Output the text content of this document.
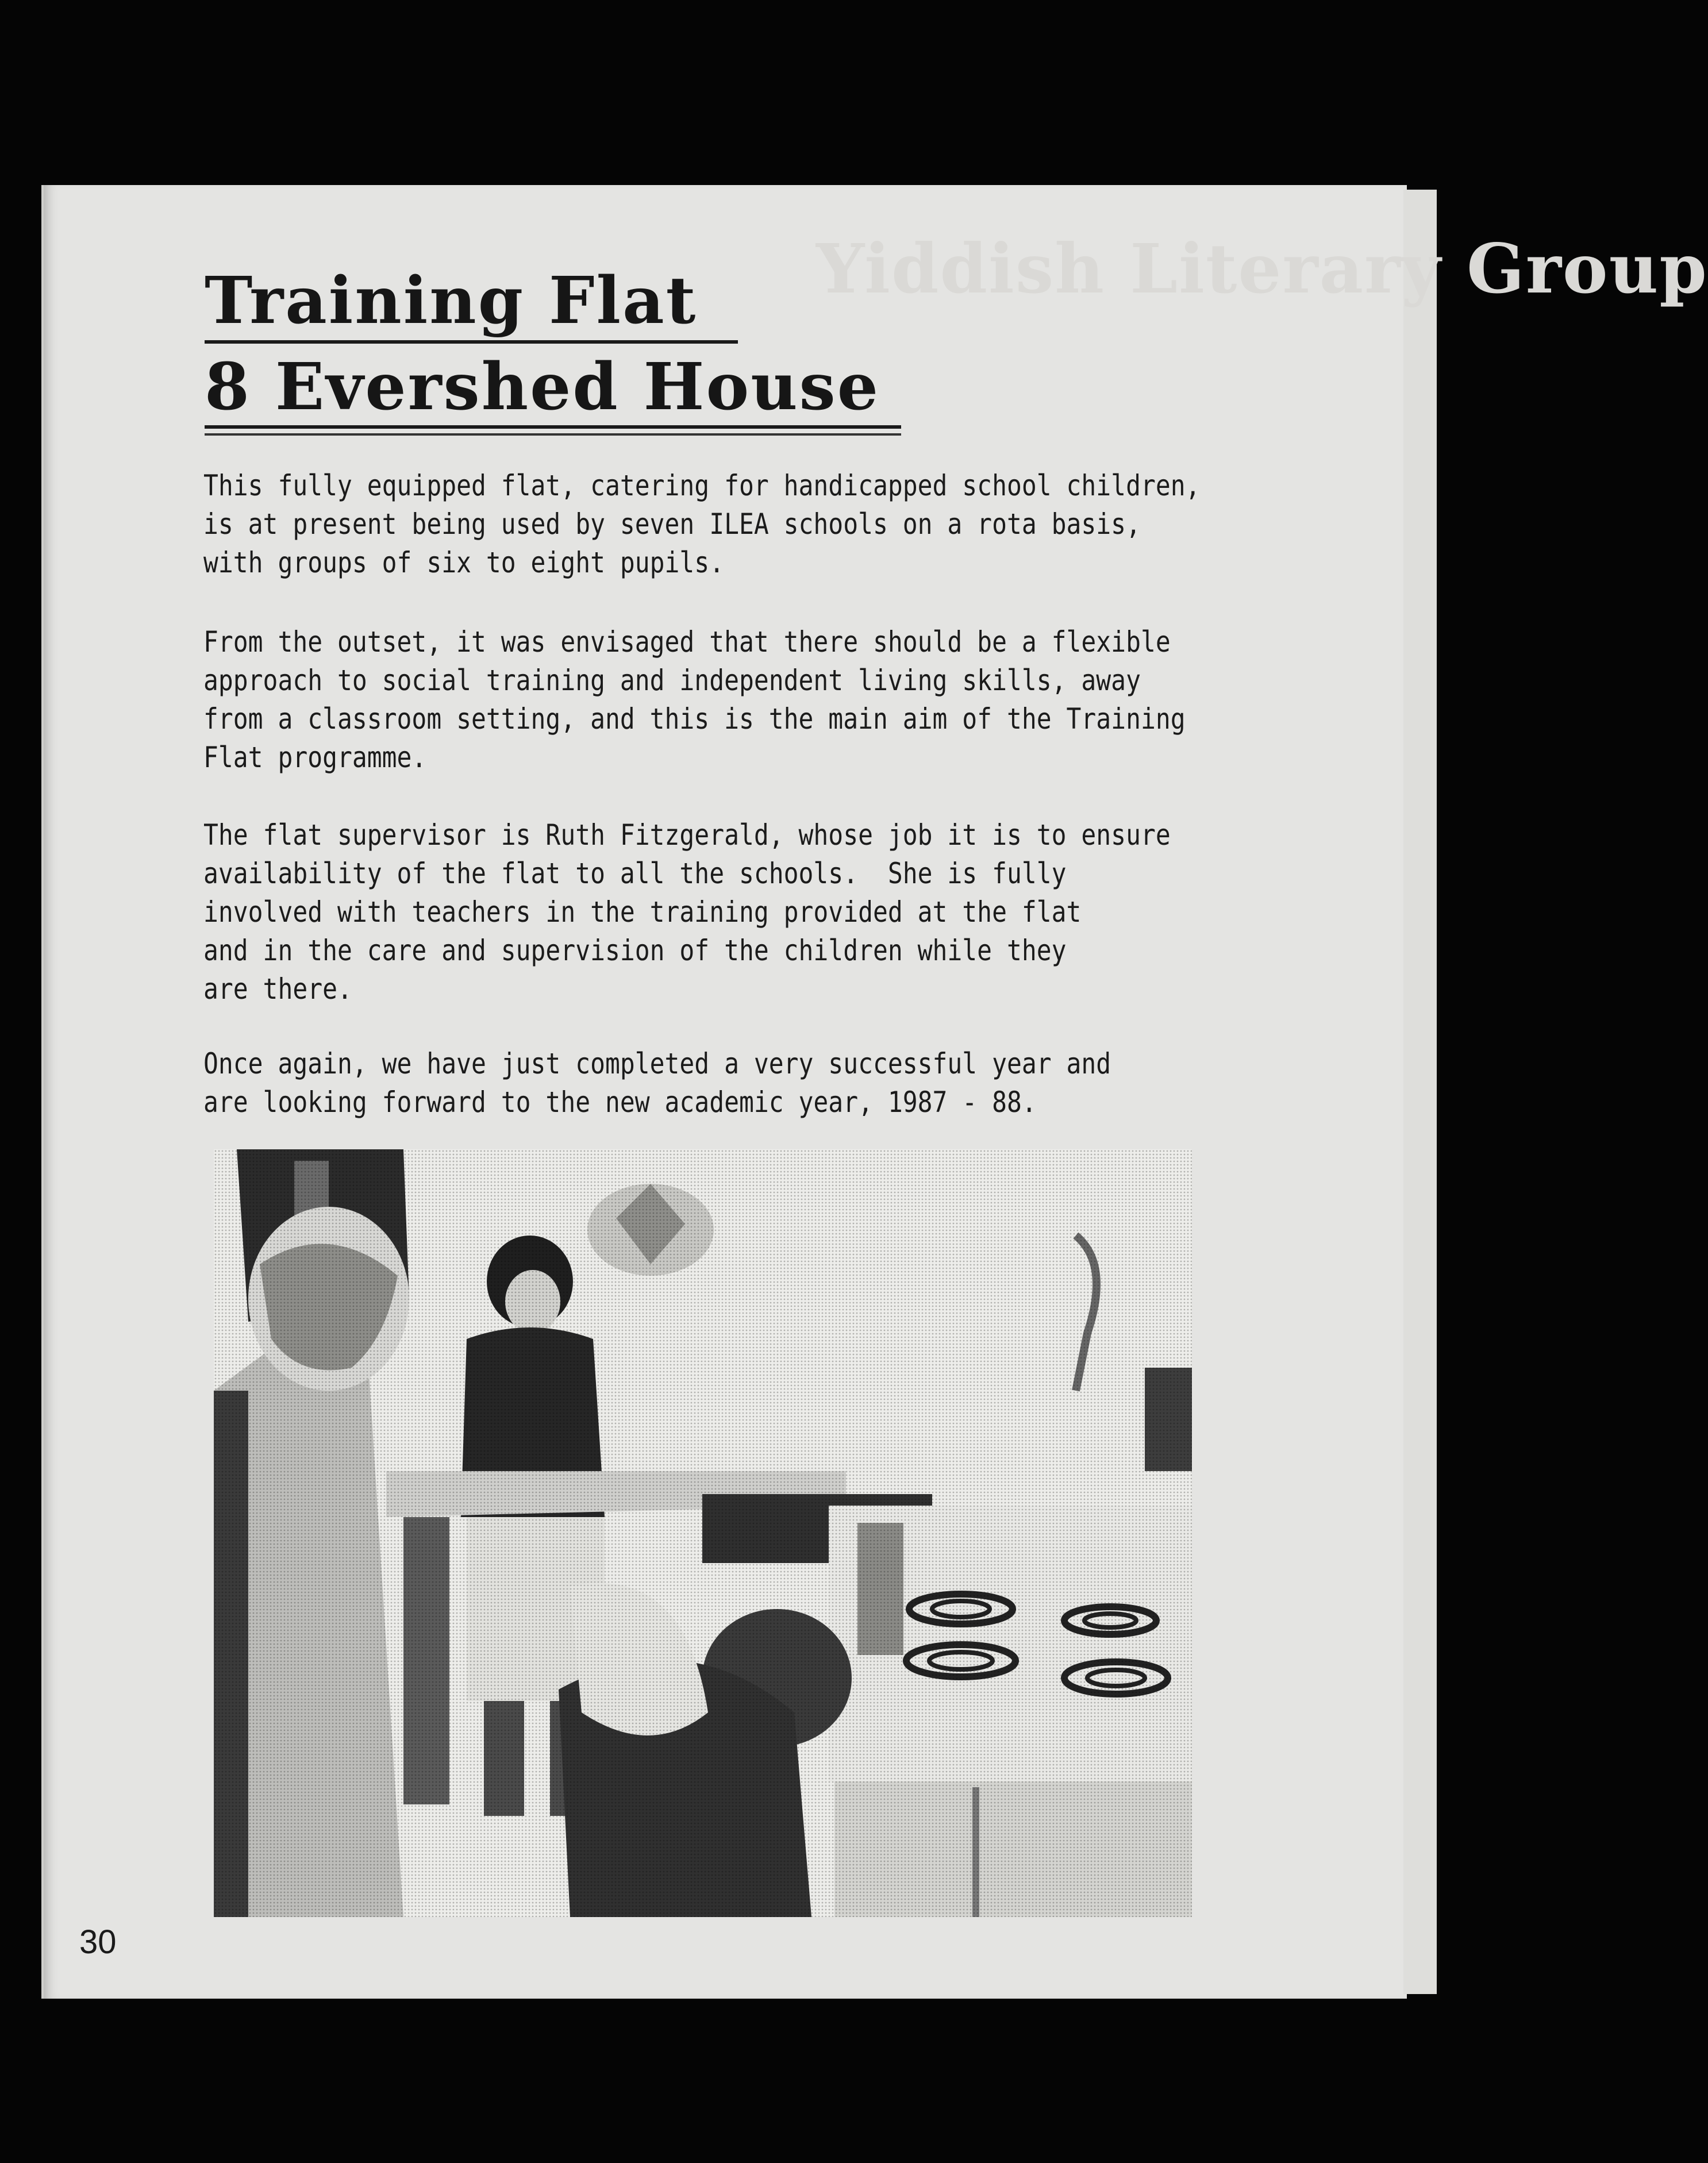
Yiddish Literary Group
Training Flat
8 Evershed House
This fully equipped flat, catering for handicapped school
is at present being used by seven ILEA schools on a rota
with groups of six to eight pupils.
From the outset, it was envisaged that there should be a
approach to social training and independent living skills,
from a classroom setting, and this is the main aim of the
Flat programme.
The flat supervisor is Ruth Fitzgerald, whose job it is to
availability of the flat to all the schools.  She is fully
involved with teachers in the training provided at the flat
and in the care and supervision of the children while they
are there.
Once again, we have just completed a very successful year and
are looking forward to the new academic year, 1987 - 88.
30
